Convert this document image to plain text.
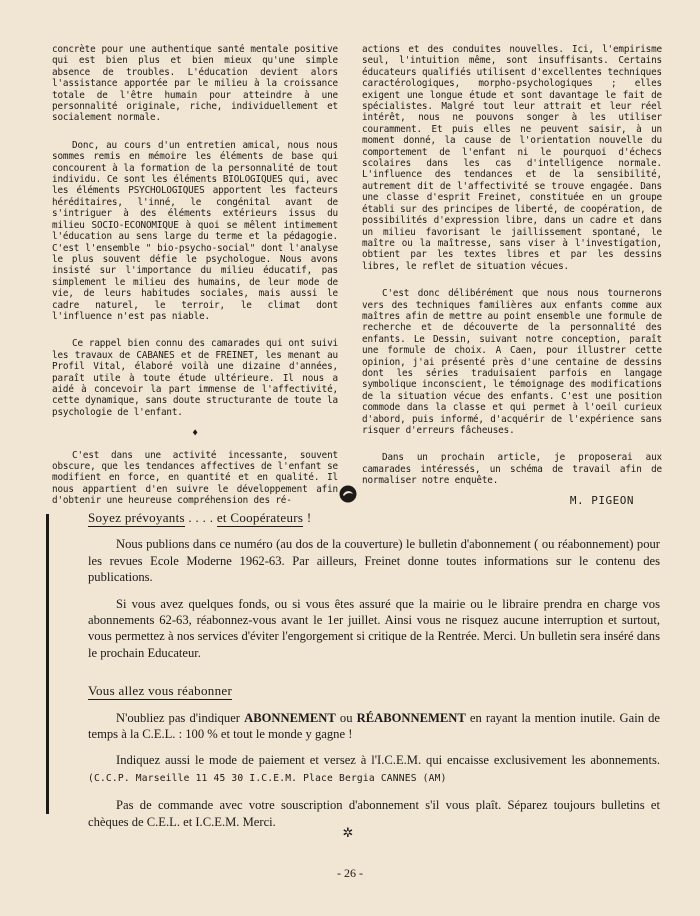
concrète pour une authentique santé mentale positive qui est bien plus et bien mieux qu'une simple absence de troubles. L'éducation devient alors l'assistance apportée par le milieu à la croissance totale de l'être humain pour atteindre à une personnalité originale, riche, individuellement et socialement normale.

Donc, au cours d'un entretien amical, nous nous sommes remis en mémoire les éléments de base qui concourent à la formation de la personnalité de tout individu. Ce sont les éléments BIOLOGIQUES qui, avec les éléments PSYCHOLOGIQUES apportent les facteurs héréditaires, l'inné, le congénital avant de s'intriguer à des éléments extérieurs issus du milieu SOCIO-ECONOMIQUE à quoi se mêlent intimement l'éducation au sens large du terme et la pédagogie. C'est l'ensemble " bio-psycho-social" dont l'analyse le plus souvent défie le psychologue. Nous avons insisté sur l'importance du milieu éducatif, pas simplement le milieu des humains, de leur mode de vie, de leurs habitudes sociales, mais aussi le cadre naturel, le terroir, le climat dont l'influence n'est pas niable.

Ce rappel bien connu des camarades qui ont suivi les travaux de CABANES et de FREINET, les menant au Profil Vital, élaboré voilà une dizaine d'années, paraît utile à toute étude ultérieure. Il nous a aidé à concevoir la part immense de l'affectivité, cette dynamique, sans doute structurante de toute la psychologie de l'enfant.

♦

C'est dans une activité incessante, souvent obscure, que les tendances affectives de l'enfant se modifient en force, en quantité et en qualité. Il nous appartient d'en suivre le développement afin d'obtenir une heureuse compréhension des ré-

actions et des conduites nouvelles. Ici, l'empirisme seul, l'intuition même, sont insuffisants. Certains éducateurs qualifiés utilisent d'excellentes techniques caractérologiques, morpho-psychologiques ; elles exigent une longue étude et sont davantage le fait de spécialistes. Malgré tout leur attrait et leur réel intérêt, nous ne pouvons songer à les utiliser couramment. Et puis elles ne peuvent saisir, à un moment donné, la cause de l'orientation nouvelle du comportement de l'enfant ni le pourquoi d'échecs scolaires dans les cas d'intelligence normale. L'influence des tendances et de la sensibilité, autrement dit de l'affectivité se trouve engagée. Dans une classe d'esprit Freinet, constituée en un groupe établi sur des principes de liberté, de coopération, de possibilités d'expression libre, dans un cadre et dans un milieu favorisant le jaillissement spontané, le maître ou la maîtresse, sans viser à l'investigation, obtient par les textes libres et par les dessins libres, le reflet de situation vécues.

C'est donc délibérément que nous nous tournerons vers des techniques familières aux enfants comme aux maîtres afin de mettre au point ensemble une formule de recherche et de découverte de la personnalité des enfants. Le Dessin, suivant notre conception, paraît une formule de choix. A Caen, pour illustrer cette opinion, j'ai présenté près d'une centaine de dessins dont les séries traduisaient parfois en langage symbolique inconscient, le témoignage des modifications de la situation vécue des enfants. C'est une position commode dans la classe et qui permet à l'oeil curieux d'abord, puis informé, d'acquérir de l'expérience sans risquer d'erreurs fâcheuses.

Dans un prochain article, je proposerai aux camarades intéressés, un schéma de travail afin de normaliser notre enquête.

M. PIGEON
Soyez prévoyants . . . . et Coopérateurs !

Nous publions dans ce numéro (au dos de la couverture) le bulletin d'abonnement ( ou réabonnement) pour les revues Ecole Moderne 1962-63. Par ailleurs, Freinet donne toutes informations sur le contenu des publications.

Si vous avez quelques fonds, ou si vous êtes assuré que la mairie ou le libraire prendra en charge vos abonnements 62-63, réabonnez-vous avant le 1er juillet. Ainsi vous ne risquez aucune interruption et surtout, vous permettez à nos services d'éviter l'engorgement si critique de la Rentrée. Merci. Un bulletin sera inséré dans le prochain Educateur.

Vous allez vous réabonner

N'oubliez pas d'indiquer ABONNEMENT ou RÉABONNEMENT en rayant la mention inutile. Gain de temps à la C.E.L. : 100 % et tout le monde y gagne !

Indiquez aussi le mode de paiement et versez à l'I.C.E.M. qui encaisse exclusivement les abonnements. (C.C.P. Marseille 11 45 30 I.C.E.M. Place Bergia CANNES (AM)

Pas de commande avec votre souscription d'abonnement s'il vous plaît. Séparez toujours bulletins et chèques de C.E.L. et I.C.E.M. Merci.

✲
- 26 -
